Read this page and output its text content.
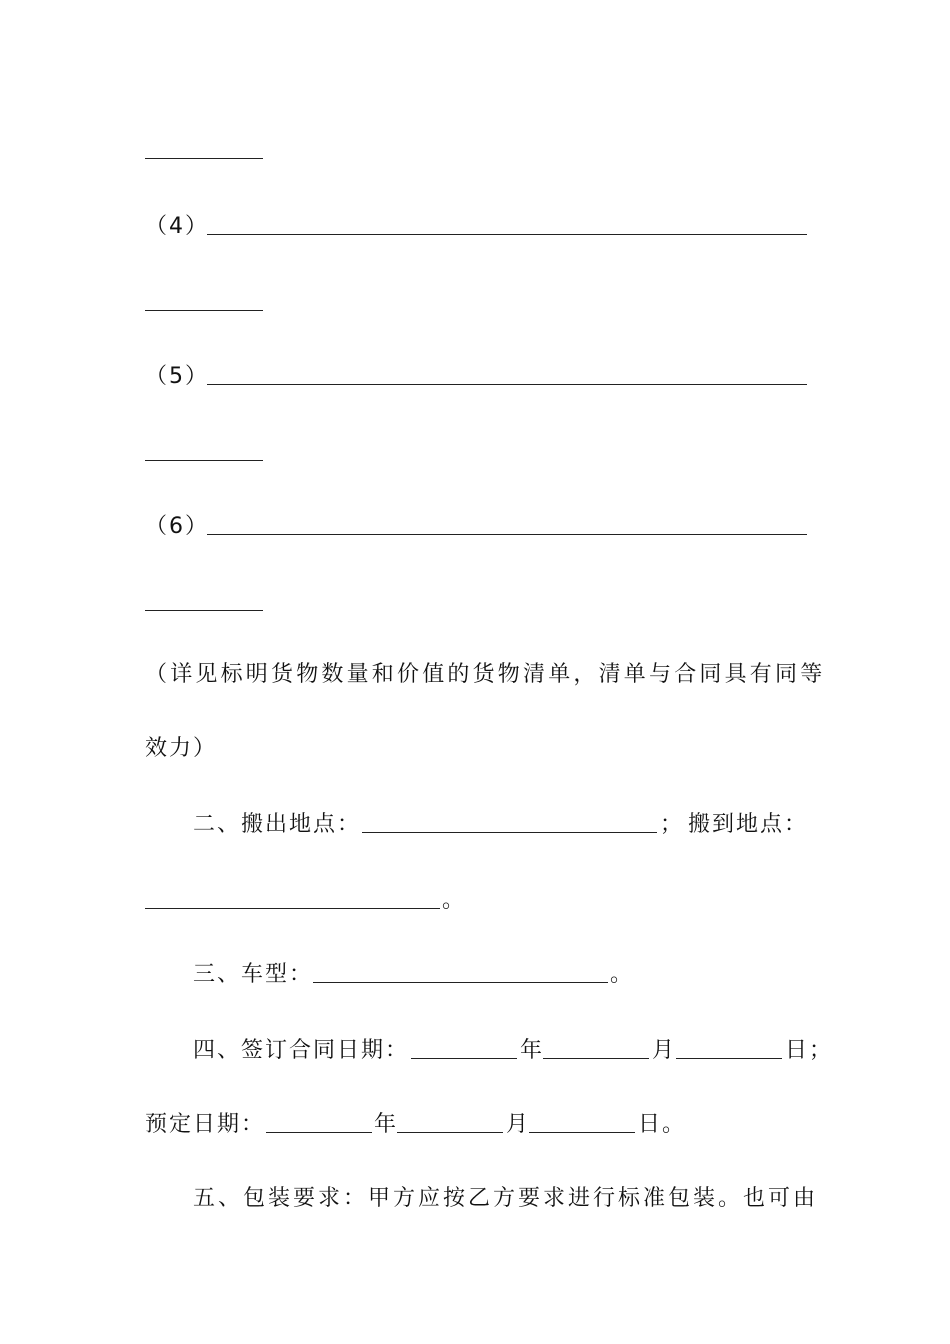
（4）
（5）
（6）
（详见标明货物数量和价值的货物清单，清单与合同具有同等
效力）
二、搬出地点：	； 搬到地点：
。
三、车型：	。
四、签订合同日期：	年	月	日；
预定日期：	年	月	日。
五、包装要求：甲方应按乙方要求进行标准包装。也可由
